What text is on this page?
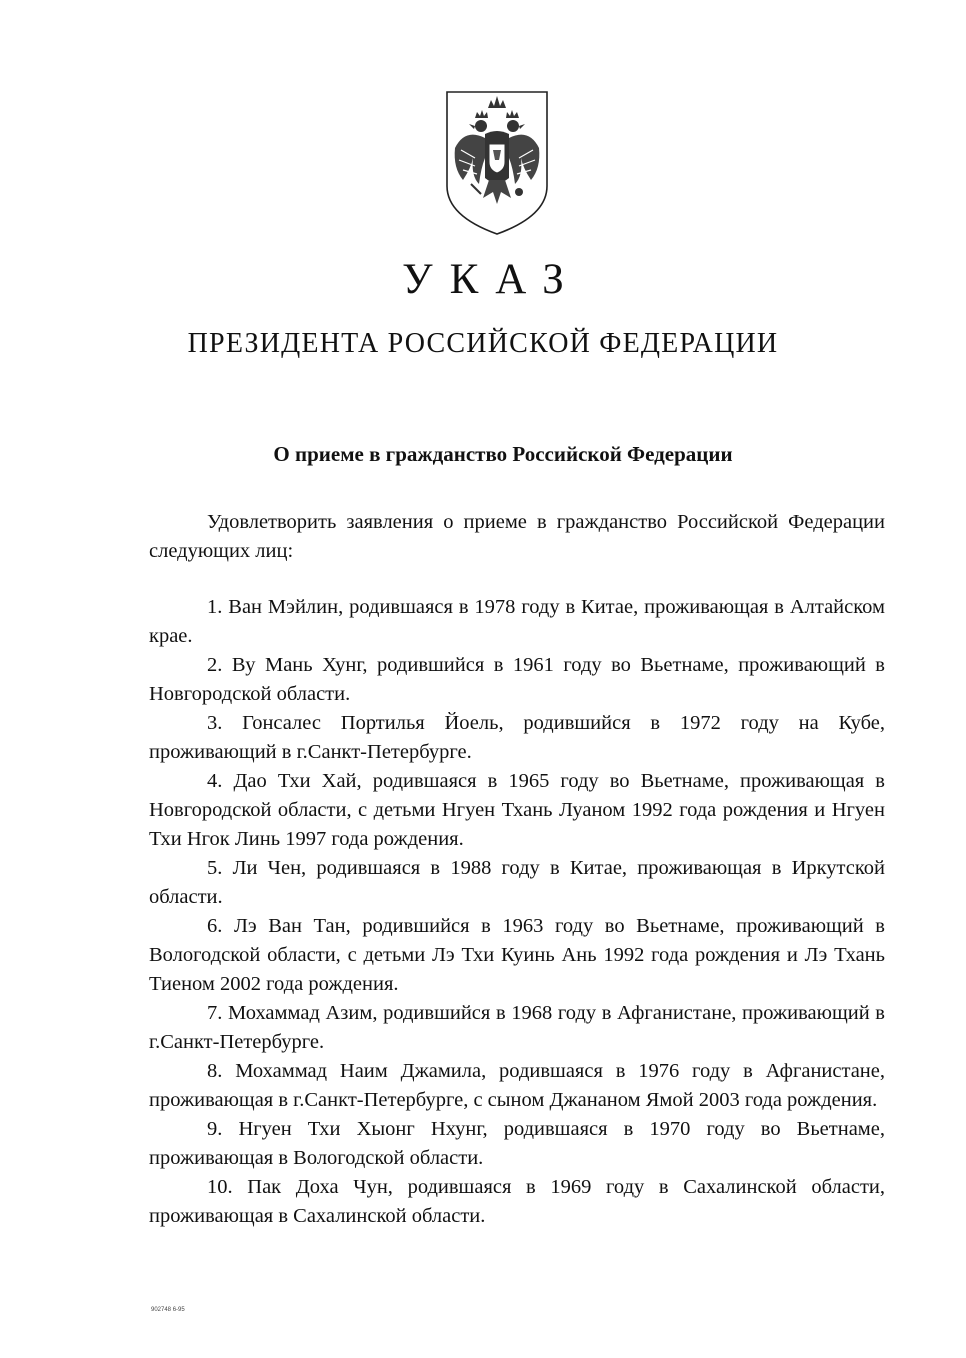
УКАЗ
ПРЕЗИДЕНТА РОССИЙСКОЙ ФЕДЕРАЦИИ
О приеме в гражданство Российской Федерации
Удовлетворить заявления о приеме в гражданство Российской Федерации следующих лиц:
1. Ван Мэйлин, родившаяся в 1978 году в Китае, проживающая в Алтайском крае.
2. Ву Мань Хунг, родившийся в 1961 году во Вьетнаме, проживающий в Новгородской области.
3. Гонсалес Портилья Йоель, родившийся в 1972 году на Кубе, проживающий в г.Санкт-Петербурге.
4. Дао Тхи Хай, родившаяся в 1965 году во Вьетнаме, проживающая в Новгородской области, с детьми Нгуен Тхань Луаном 1992 года рождения и Нгуен Тхи Нгок Линь 1997 года рождения.
5. Ли Чен, родившаяся в 1988 году в Китае, проживающая в Иркутской области.
6. Лэ Ван Тан, родившийся в 1963 году во Вьетнаме, проживающий в Вологодской области, с детьми Лэ Тхи Куинь Ань 1992 года рождения и Лэ Тхань Тиеном 2002 года рождения.
7. Мохаммад Азим, родившийся в 1968 году в Афганистане, проживающий в г.Санкт-Петербурге.
8. Мохаммад Наим Джамила, родившаяся в 1976 году в Афганистане, проживающая в г.Санкт-Петербурге, с сыном Джананом Ямой 2003 года рождения.
9. Нгуен Тхи Хыонг Нхунг, родившаяся в 1970 году во Вьетнаме, проживающая в Вологодской области.
10. Пак Доха Чун, родившаяся в 1969 году в Сахалинской области, проживающая в Сахалинской области.
902748 6-95
